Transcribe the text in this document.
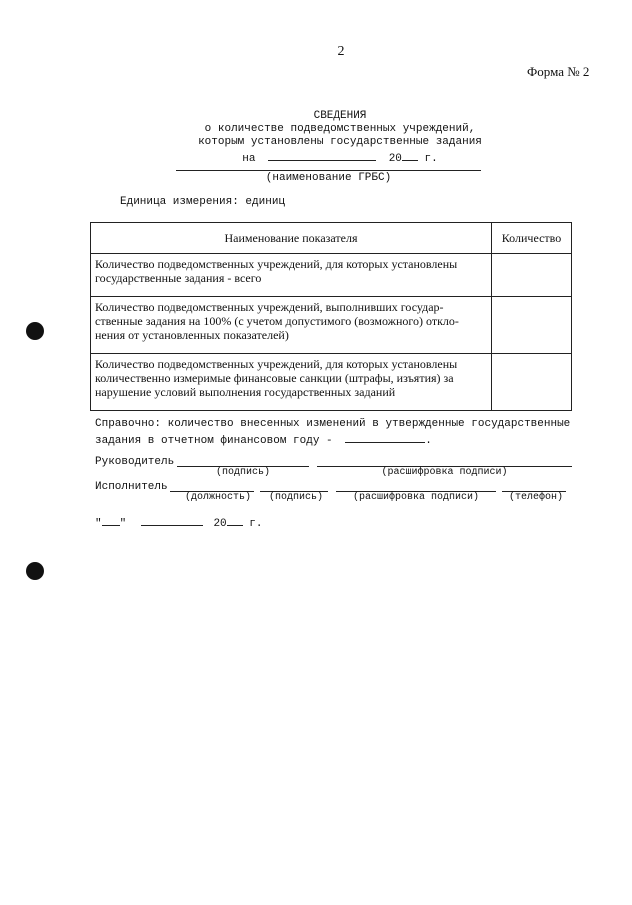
2
Форма № 2
СВЕДЕНИЯ
о количестве подведомственных учреждений,
которым установлены государственные задания
на	20 г.
(наименование ГРБС)
Единица измерения: единиц
Наименование показателя	Количество
Количество подведомственных учреждений, для которых установлены государственные задания - всего	
Количество подведомственных учреждений, выполнивших государ-ственные задания на 100% (с учетом допустимого (возможного) откло-нения от установленных показателей)	
Количество подведомственных учреждений, для которых установлены количественно измеримые финансовые санкции (штрафы, изъятия) за нарушение условий выполнения государственных заданий	
Справочно: количество внесенных изменений в утвержденные государственные
задания в отчетном финансовом году -	.
Руководитель
(подпись)	(расшифровка подписи)
Исполнитель
(должность)	(подпись)	(расшифровка подписи)	(телефон)
" "	20 г.
